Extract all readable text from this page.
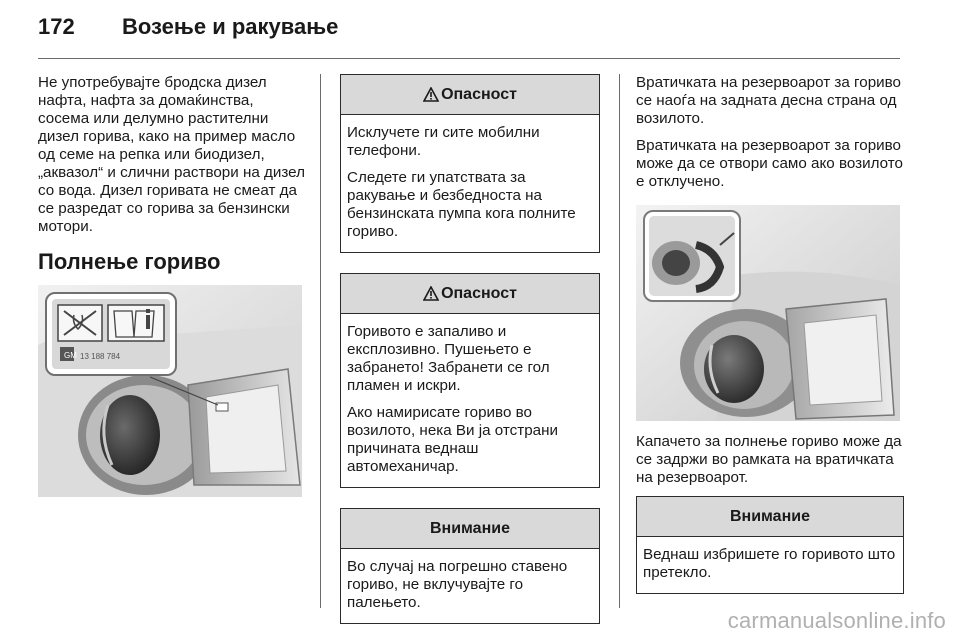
172	Возење и ракување

Не употребувајте бродска дизел нафта, нафта за домаќинства, сосема или делумно растителни дизел горива, како на пример масло од семе на репка или биодизел, „аквазол“ и слични раствори на дизел со вода. Дизел горивата не смеат да се разредат со горива за бензински мотори.

Полнење гориво
GM 13 188 784
Опасност

Исклучете ги сите мобилни телефони.

Следете ги упатствата за ракување и безбедноста на бензинската пумпа кога полните гориво.

Опасност

Горивото е запаливо и експлозивно. Пушењето е забрането! Забранети се гол пламен и искри.

Ако намирисате гориво во возилото, нека Ви ја отстрани причината веднаш автомеханичар.

Внимание

Во случај на погрешно ставено гориво, не вклучувајте го палењето.

Вратичката на резервоарот за гориво се наоѓа на задната десна страна од возилото.

Вратичката на резервоарот за гориво може да се отвори само ако возилото е отклучено.

Капачето за полнење гориво може да се задржи во рамката на вратичката на резервоарот.

Внимание

Веднаш избришете го горивото што претекло.

carmanualsonline.info
